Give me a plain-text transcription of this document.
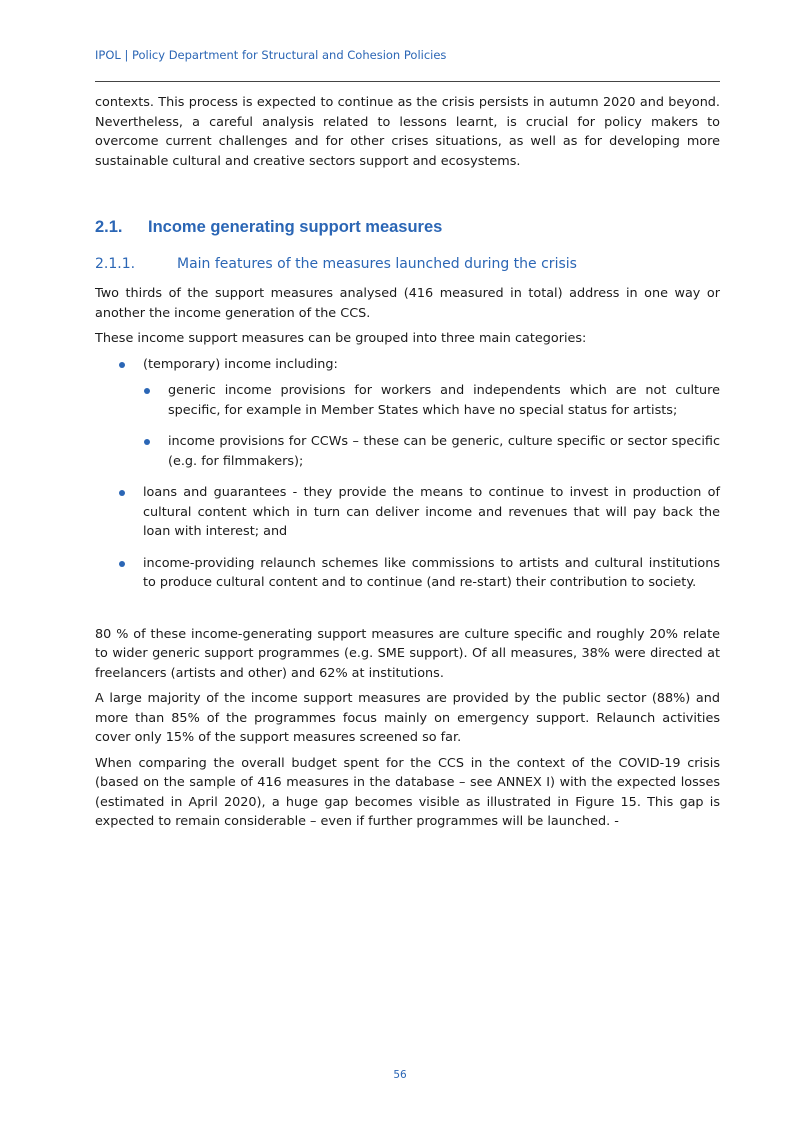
IPOL | Policy Department for Structural and Cohesion Policies

contexts. This process is expected to continue as the crisis persists in autumn 2020 and beyond. Nevertheless, a careful analysis related to lessons learnt, is crucial for policy makers to overcome current challenges and for other crises situations, as well as for developing more sustainable cultural and creative sectors support and ecosystems.

2.1. Income generating support measures
2.1.1.	Main features of the measures launched during the crisis

Two thirds of the support measures analysed (416 measured in total) address in one way or another the income generation of the CCS.

These income support measures can be grouped into three main categories:

(temporary) income including:
generic income provisions for workers and independents which are not culture specific, for example in Member States which have no special status for artists;
income provisions for CCWs – these can be generic, culture specific or sector specific (e.g. for filmmakers);
loans and guarantees - they provide the means to continue to invest in production of cultural content which in turn can deliver income and revenues that will pay back the loan with interest; and
income-providing relaunch schemes like commissions to artists and cultural institutions to produce cultural content and to continue (and re-start) their contribution to society.

80 % of these income-generating support measures are culture specific and roughly 20% relate to wider generic support programmes (e.g. SME support). Of all measures, 38% were directed at freelancers (artists and other) and 62% at institutions.

A large majority of the income support measures are provided by the public sector (88%) and more than 85% of the programmes focus mainly on emergency support. Relaunch activities cover only 15% of the support measures screened so far.

When comparing the overall budget spent for the CCS in the context of the COVID-19 crisis (based on the sample of 416 measures in the database – see ANNEX I) with the expected losses (estimated in April 2020), a huge gap becomes visible as illustrated in Figure 15. This gap is expected to remain considerable – even if further programmes will be launched. -

56
